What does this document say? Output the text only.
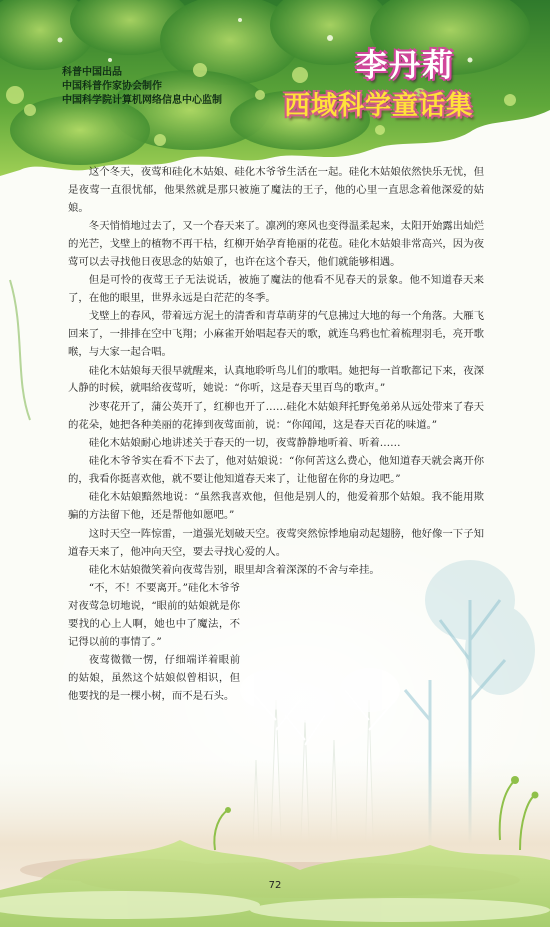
科普中国出品
中国科普作家协会制作
中国科学院计算机网络信息中心监制
李丹莉
西域科学童话集

这个冬天，夜莺和硅化木姑娘、硅化木爷爷生活在一起。硅化木姑娘依然快乐无忧，但是夜莺一直很忧郁，他果然就是那只被施了魔法的王子，他的心里一直思念着他深爱的姑娘。

冬天悄悄地过去了，又一个春天来了。凛冽的寒风也变得温柔起来，太阳开始露出灿烂的光芒，戈壁上的植物不再干枯，红柳开始孕育艳丽的花苞。硅化木姑娘非常高兴，因为夜莺可以去寻找他日夜思念的姑娘了，也许在这个春天，他们就能够相遇。

但是可怜的夜莺王子无法说话，被施了魔法的他看不见春天的景象。他不知道春天来了，在他的眼里，世界永远是白茫茫的冬季。

戈壁上的春风，带着远方泥土的清香和青草萌芽的气息拂过大地的每一个角落。大雁飞回来了，一排排在空中飞翔；小麻雀开始唱起春天的歌，就连乌鸦也忙着梳理羽毛，亮开歌喉，与大家一起合唱。

硅化木姑娘每天很早就醒来，认真地聆听鸟儿们的歌唱。她把每一首歌都记下来，夜深人静的时候，就唱给夜莺听，她说：“你听，这是春天里百鸟的歌声。”

沙枣花开了，蒲公英开了，红柳也开了……硅化木姑娘拜托野兔弟弟从远处带来了春天的花朵，她把各种美丽的花捧到夜莺面前，说：“你闻闻，这是春天百花的味道。”

硅化木姑娘耐心地讲述关于春天的一切，夜莺静静地听着、听着……

硅化木爷爷实在看不下去了，他对姑娘说：“你何苦这么费心，他知道春天就会离开你的，我看你挺喜欢他，就不要让他知道春天来了，让他留在你的身边吧。”

硅化木姑娘黯然地说：“虽然我喜欢他，但他是别人的，他爱着那个姑娘。我不能用欺骗的方法留下他，还是帮他如愿吧。”

这时天空一阵惊雷，一道强光划破天空。夜莺突然惊悸地扇动起翅膀，他好像一下子知道春天来了，他冲向天空，要去寻找心爱的人。

硅化木姑娘微笑着向夜莺告别，眼里却含着深深的不舍与牵挂。

“不，不！不要离开。”硅化木爷爷对夜莺急切地说，“眼前的姑娘就是你要找的心上人啊，她也中了魔法，不记得以前的事情了。”

夜莺微微一愣，仔细端详着眼前的姑娘，虽然这个姑娘似曾相识，但他要找的是一棵小树，而不是石头。

72
